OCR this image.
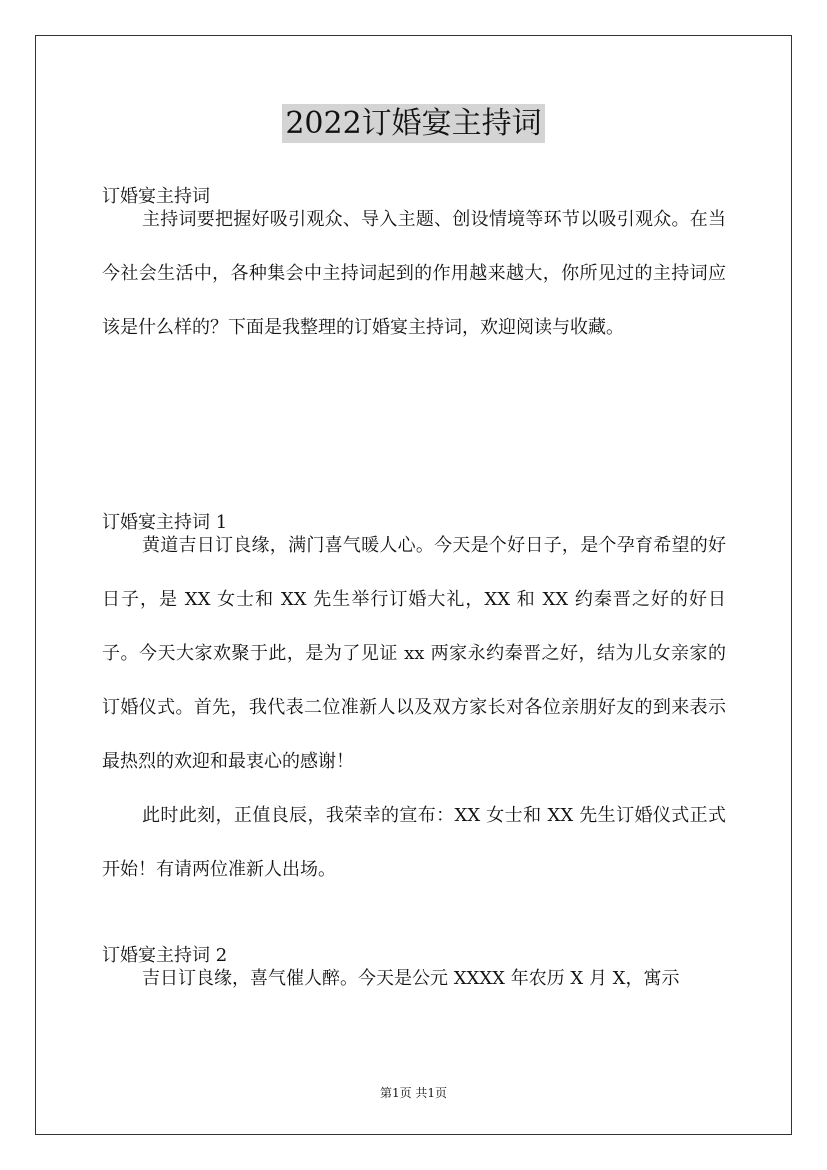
2022订婚宴主持词
订婚宴主持词

主持词要把握好吸引观众、导入主题、创设情境等环节以吸引观众。在当今社会生活中，各种集会中主持词起到的作用越来越大，你所见过的主持词应该是什么样的？下面是我整理的订婚宴主持词，欢迎阅读与收藏。

订婚宴主持词 1

黄道吉日订良缘，满门喜气暖人心。今天是个好日子，是个孕育希望的好日子，是 XX 女士和 XX 先生举行订婚大礼，XX 和 XX 约秦晋之好的好日子。今天大家欢聚于此，是为了见证 xx 两家永约秦晋之好，结为儿女亲家的订婚仪式。首先，我代表二位准新人以及双方家长对各位亲朋好友的到来表示最热烈的欢迎和最衷心的感谢！

此时此刻，正值良辰，我荣幸的宣布：XX 女士和 XX 先生订婚仪式正式开始！有请两位准新人出场。

订婚宴主持词 2

吉日订良缘，喜气催人醉。今天是公元 XXXX 年农历 X 月 X，寓示

第1页 共1页
